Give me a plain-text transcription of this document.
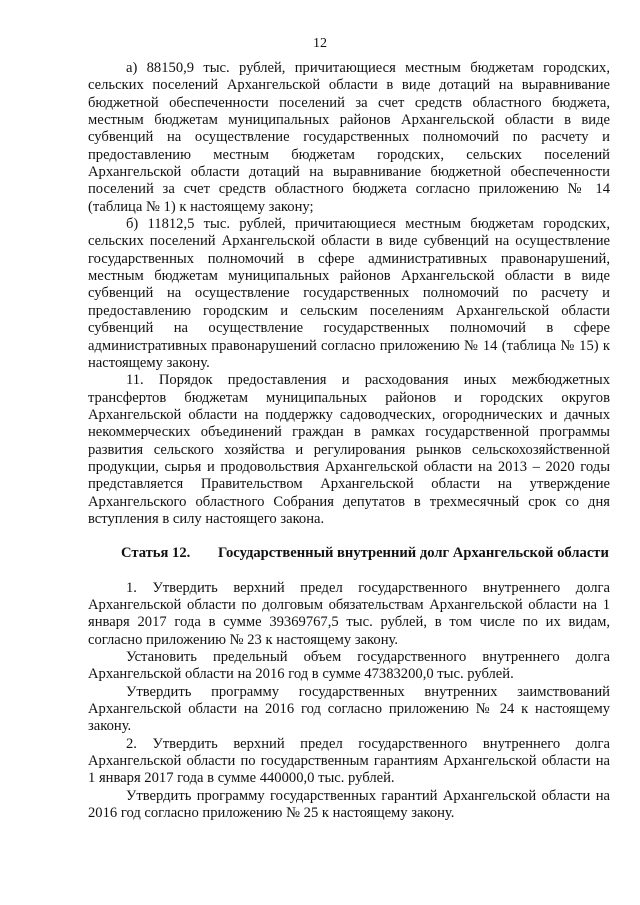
12

а) 88150,9 тыс. рублей, причитающиеся местным бюджетам городских, сельских поселений Архангельской области в виде дотаций на выравнивание бюджетной обеспеченности поселений за счет средств областного бюджета, местным бюджетам муниципальных районов Архангельской области в виде субвенций на осуществление государственных полномочий по расчету и предоставлению местным бюджетам городских, сельских поселений Архангельской области дотаций на выравнивание бюджетной обеспеченности поселений за счет средств областного бюджета согласно приложению № 14 (таблица № 1) к настоящему закону;

б) 11812,5 тыс. рублей, причитающиеся местным бюджетам городских, сельских поселений Архангельской области в виде субвенций на осуществление государственных полномочий в сфере административных правонарушений, местным бюджетам муниципальных районов Архангельской области в виде субвенций на осуществление государственных полномочий по расчету и предоставлению городским и сельским поселениям Архангельской области субвенций на осуществление государственных полномочий в сфере административных правонарушений согласно приложению № 14 (таблица № 15) к настоящему закону.

11. Порядок предоставления и расходования иных межбюджетных трансфертов бюджетам муниципальных районов и городских округов Архангельской области на поддержку садоводческих, огороднических и дачных некоммерческих объединений граждан в рамках государственной программы развития сельского хозяйства и регулирования рынков сельскохозяйственной продукции, сырья и продовольствия Архангельской области на 2013 – 2020 годы представляется Правительством Архангельской области на утверждение Архангельского областного Собрания депутатов в трехмесячный срок со дня вступления в силу настоящего закона.

Статья 12.	Государственный внутренний долг Архангельской области

1. Утвердить верхний предел государственного внутреннего долга Архангельской области по долговым обязательствам Архангельской области на 1 января 2017 года в сумме 39369767,5 тыс. рублей, в том числе по их видам, согласно приложению № 23 к настоящему закону.

Установить предельный объем государственного внутреннего долга Архангельской области на 2016 год в сумме 47383200,0 тыс. рублей.

Утвердить программу государственных внутренних заимствований Архангельской области на 2016 год согласно приложению № 24 к настоящему закону.

2. Утвердить верхний предел государственного внутреннего долга Архангельской области по государственным гарантиям Архангельской области на 1 января 2017 года в сумме 440000,0 тыс. рублей.

Утвердить программу государственных гарантий Архангельской области на 2016 год согласно приложению № 25 к настоящему закону.
